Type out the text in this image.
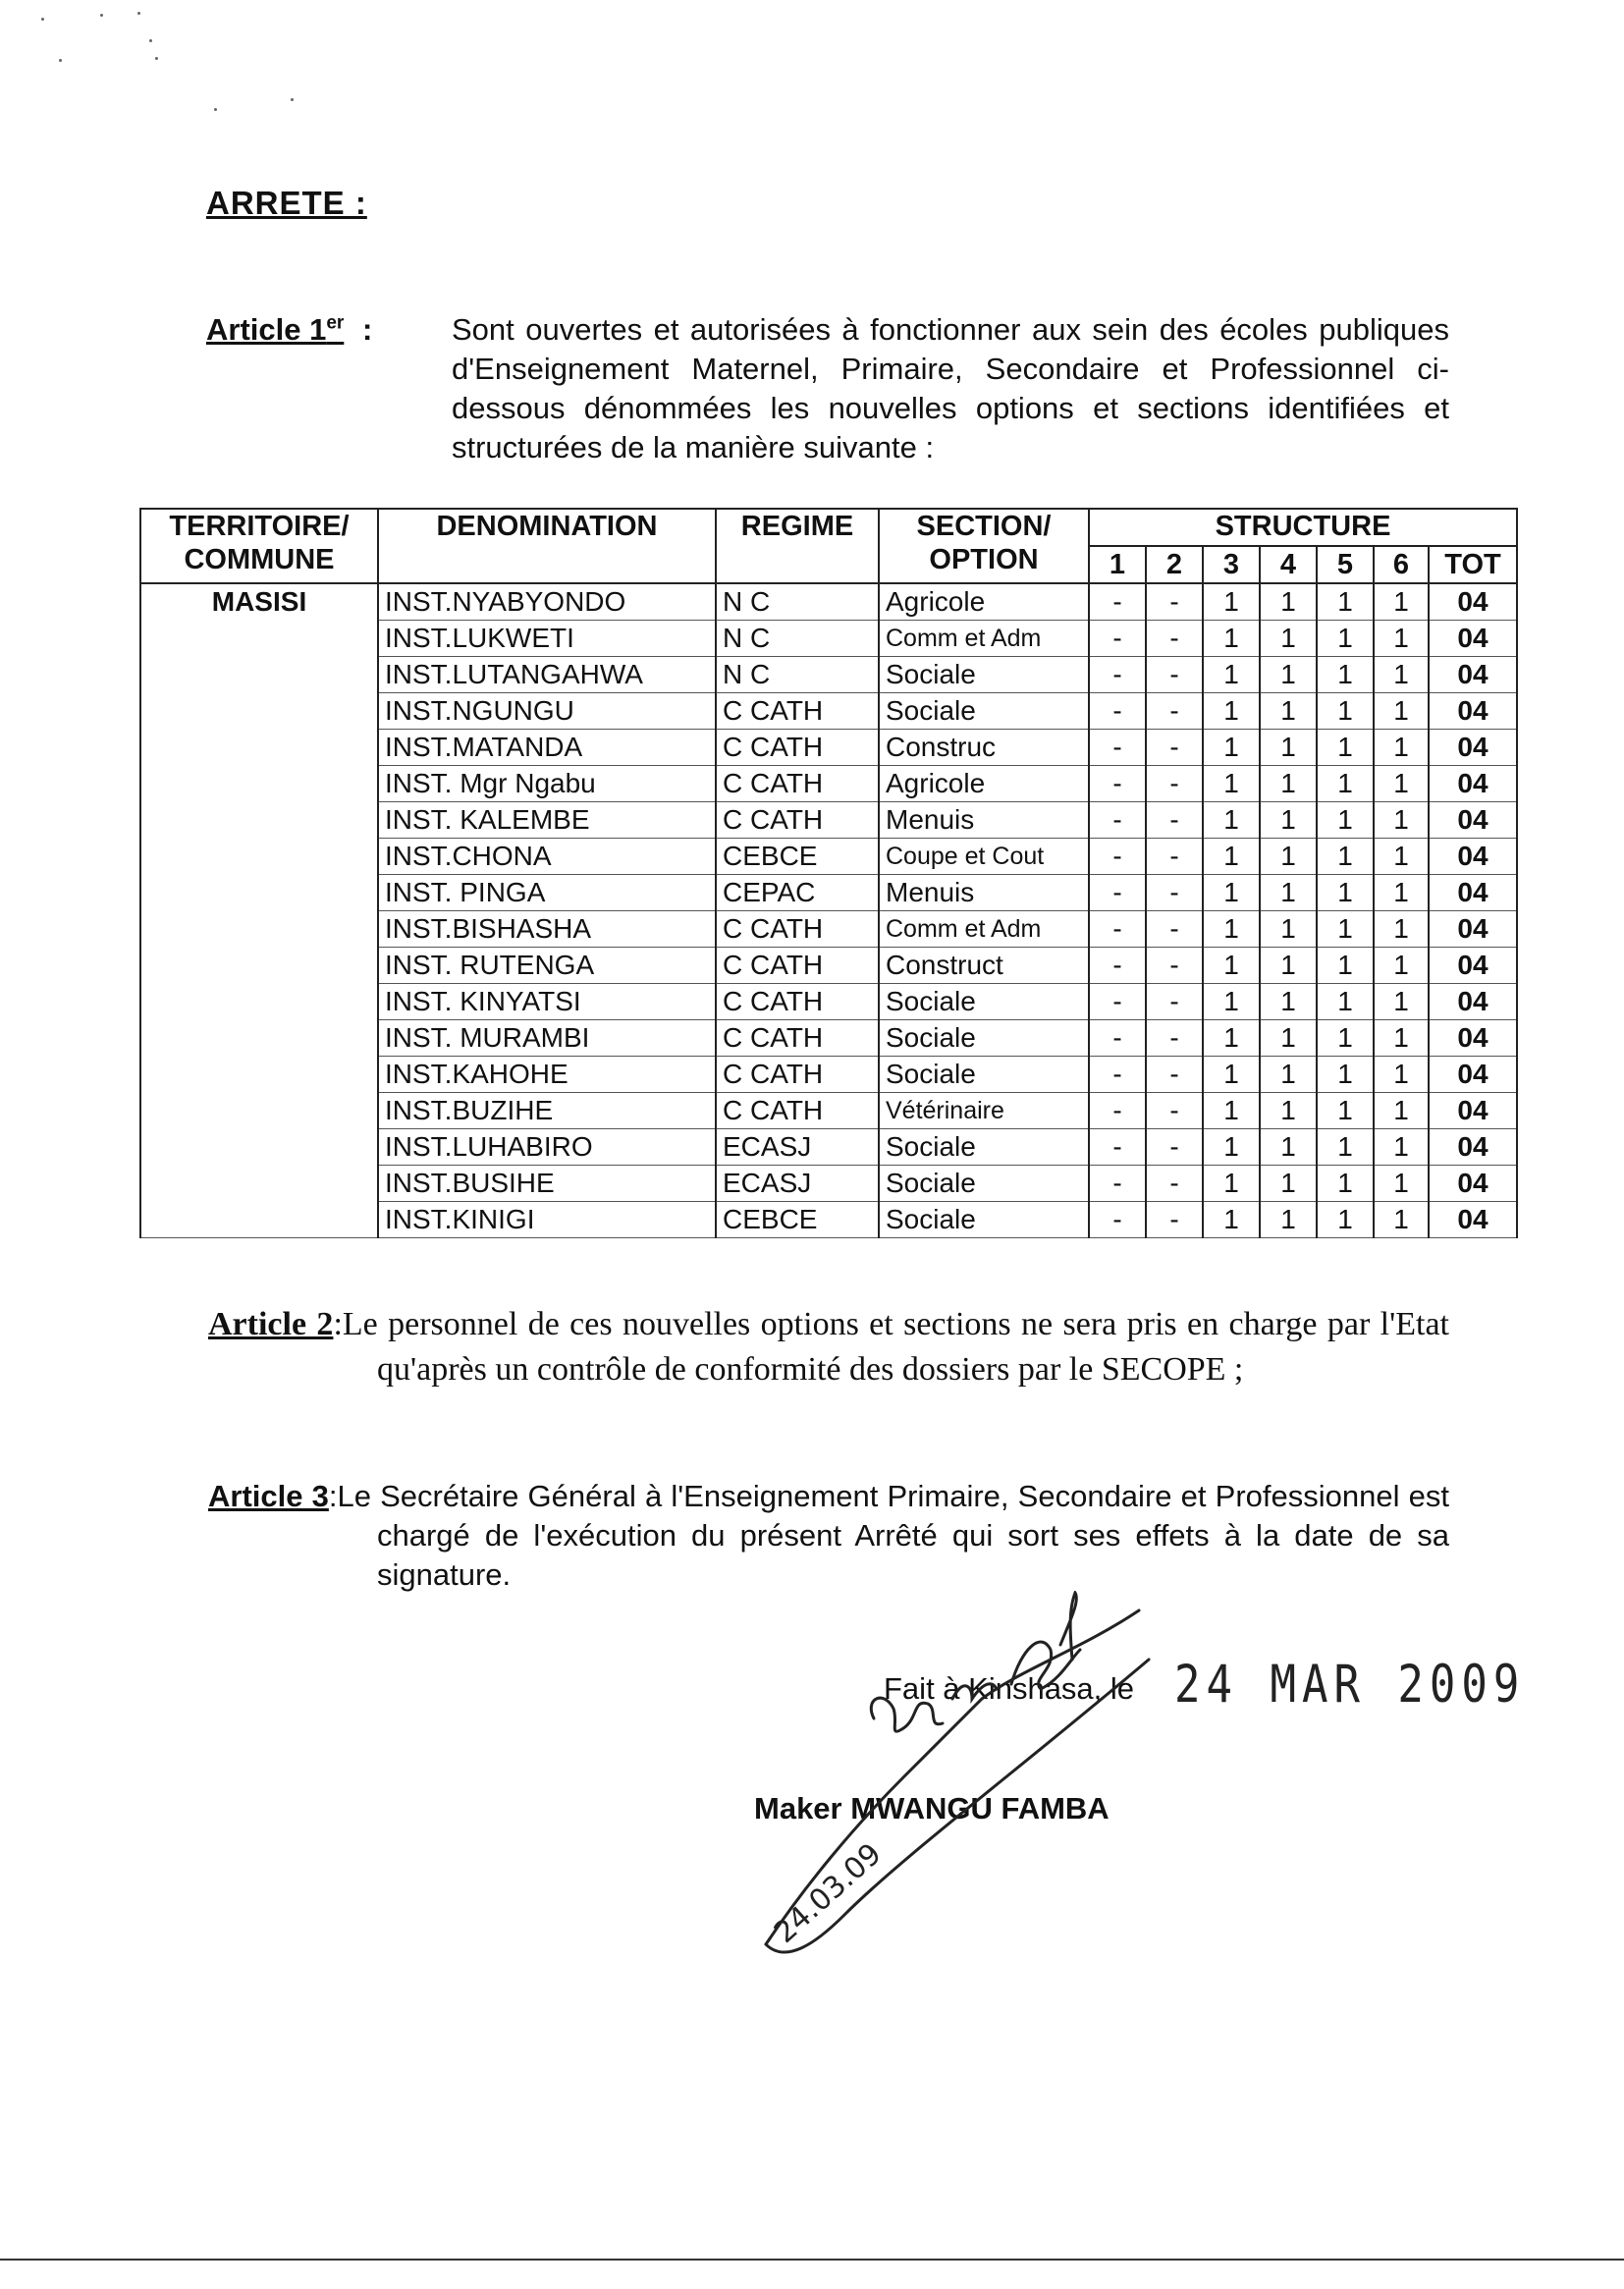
ARRETE :
Article 1er :	Sont ouvertes et autorisées à fonctionner aux sein des écoles publiques d'Enseignement Maternel, Primaire, Secondaire et Professionnel ci-dessous dénommées les nouvelles options et sections identifiées et structurées de la manière suivante :
TERRITOIRE/ COMMUNE	DENOMINATION	REGIME	SECTION/ OPTION	STRUCTURE						
				1	2	3	4	5	6	TOT
MASISI	INST.NYABYONDO	N C	Agricole	-	-	1	1	1	1	04
	INST.LUKWETI	N C	Comm et Adm	-	-	1	1	1	1	04
	INST.LUTANGAHWA	N C	Sociale	-	-	1	1	1	1	04
	INST.NGUNGU	C CATH	Sociale	-	-	1	1	1	1	04
	INST.MATANDA	C CATH	Construc	-	-	1	1	1	1	04
	INST. Mgr Ngabu	C CATH	Agricole	-	-	1	1	1	1	04
	INST. KALEMBE	C CATH	Menuis	-	-	1	1	1	1	04
	INST.CHONA	CEBCE	Coupe et Cout	-	-	1	1	1	1	04
	INST. PINGA	CEPAC	Menuis	-	-	1	1	1	1	04
	INST.BISHASHA	C CATH	Comm et Adm	-	-	1	1	1	1	04
	INST. RUTENGA	C CATH	Construct	-	-	1	1	1	1	04
	INST. KINYATSI	C CATH	Sociale	-	-	1	1	1	1	04
	INST. MURAMBI	C CATH	Sociale	-	-	1	1	1	1	04
	INST.KAHOHE	C CATH	Sociale	-	-	1	1	1	1	04
	INST.BUZIHE	C CATH	Vétérinaire	-	-	1	1	1	1	04
	INST.LUHABIRO	ECASJ	Sociale	-	-	1	1	1	1	04
	INST.BUSIHE	ECASJ	Sociale	-	-	1	1	1	1	04
	INST.KINIGI	CEBCE	Sociale	-	-	1	1	1	1	04
Article 2:Le personnel de ces nouvelles options et sections ne sera pris en charge par l'Etat qu'après un contrôle de conformité des dossiers par le SECOPE ;
Article 3:Le Secrétaire Général à l'Enseignement Primaire, Secondaire et Professionnel est chargé de l'exécution du présent Arrêté qui sort ses effets à la date de sa signature.
Fait à Kinshasa, le 24 MAR 2009
Maker MWANGU FAMBA
24.03.09
